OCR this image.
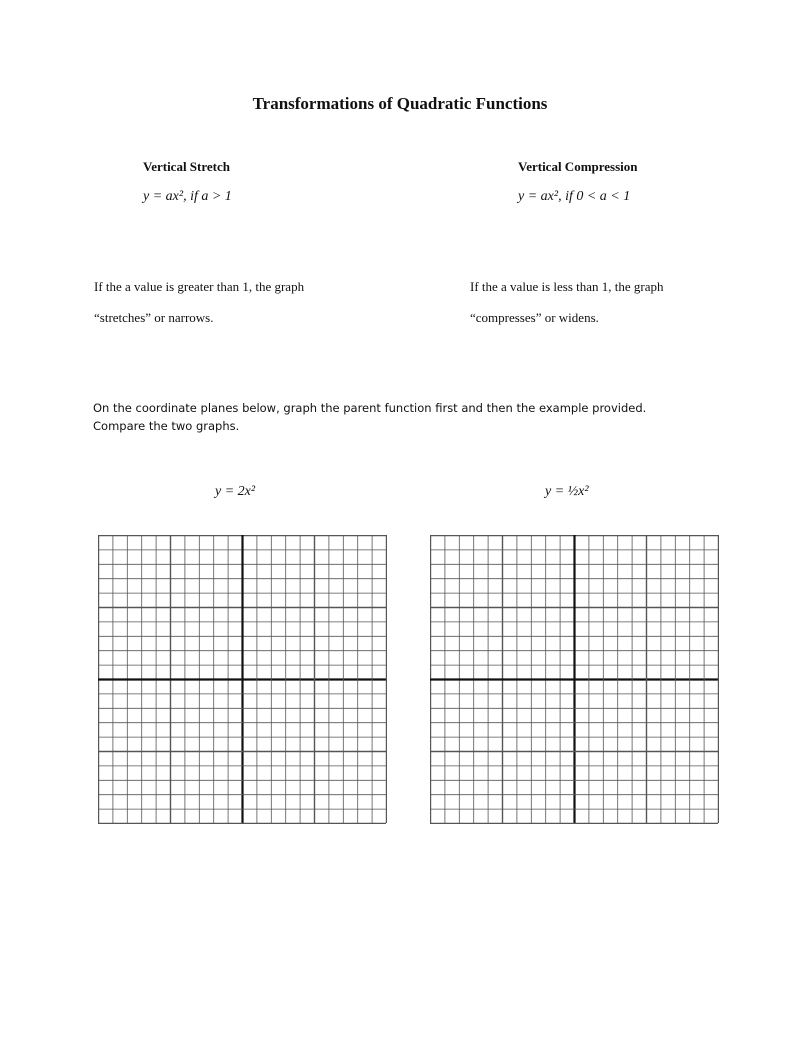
Transformations of Quadratic Functions
Vertical Stretch
y = ax², if a > 1
Vertical Compression
y = ax², if 0 < a < 1
If the a value is greater than 1, the graph
“stretches” or narrows.
If the a value is less than 1, the graph
“compresses” or widens.
On the coordinate planes below, graph the parent function first and then the example provided.
Compare the two graphs.
y = 2x²	y = ½x²
